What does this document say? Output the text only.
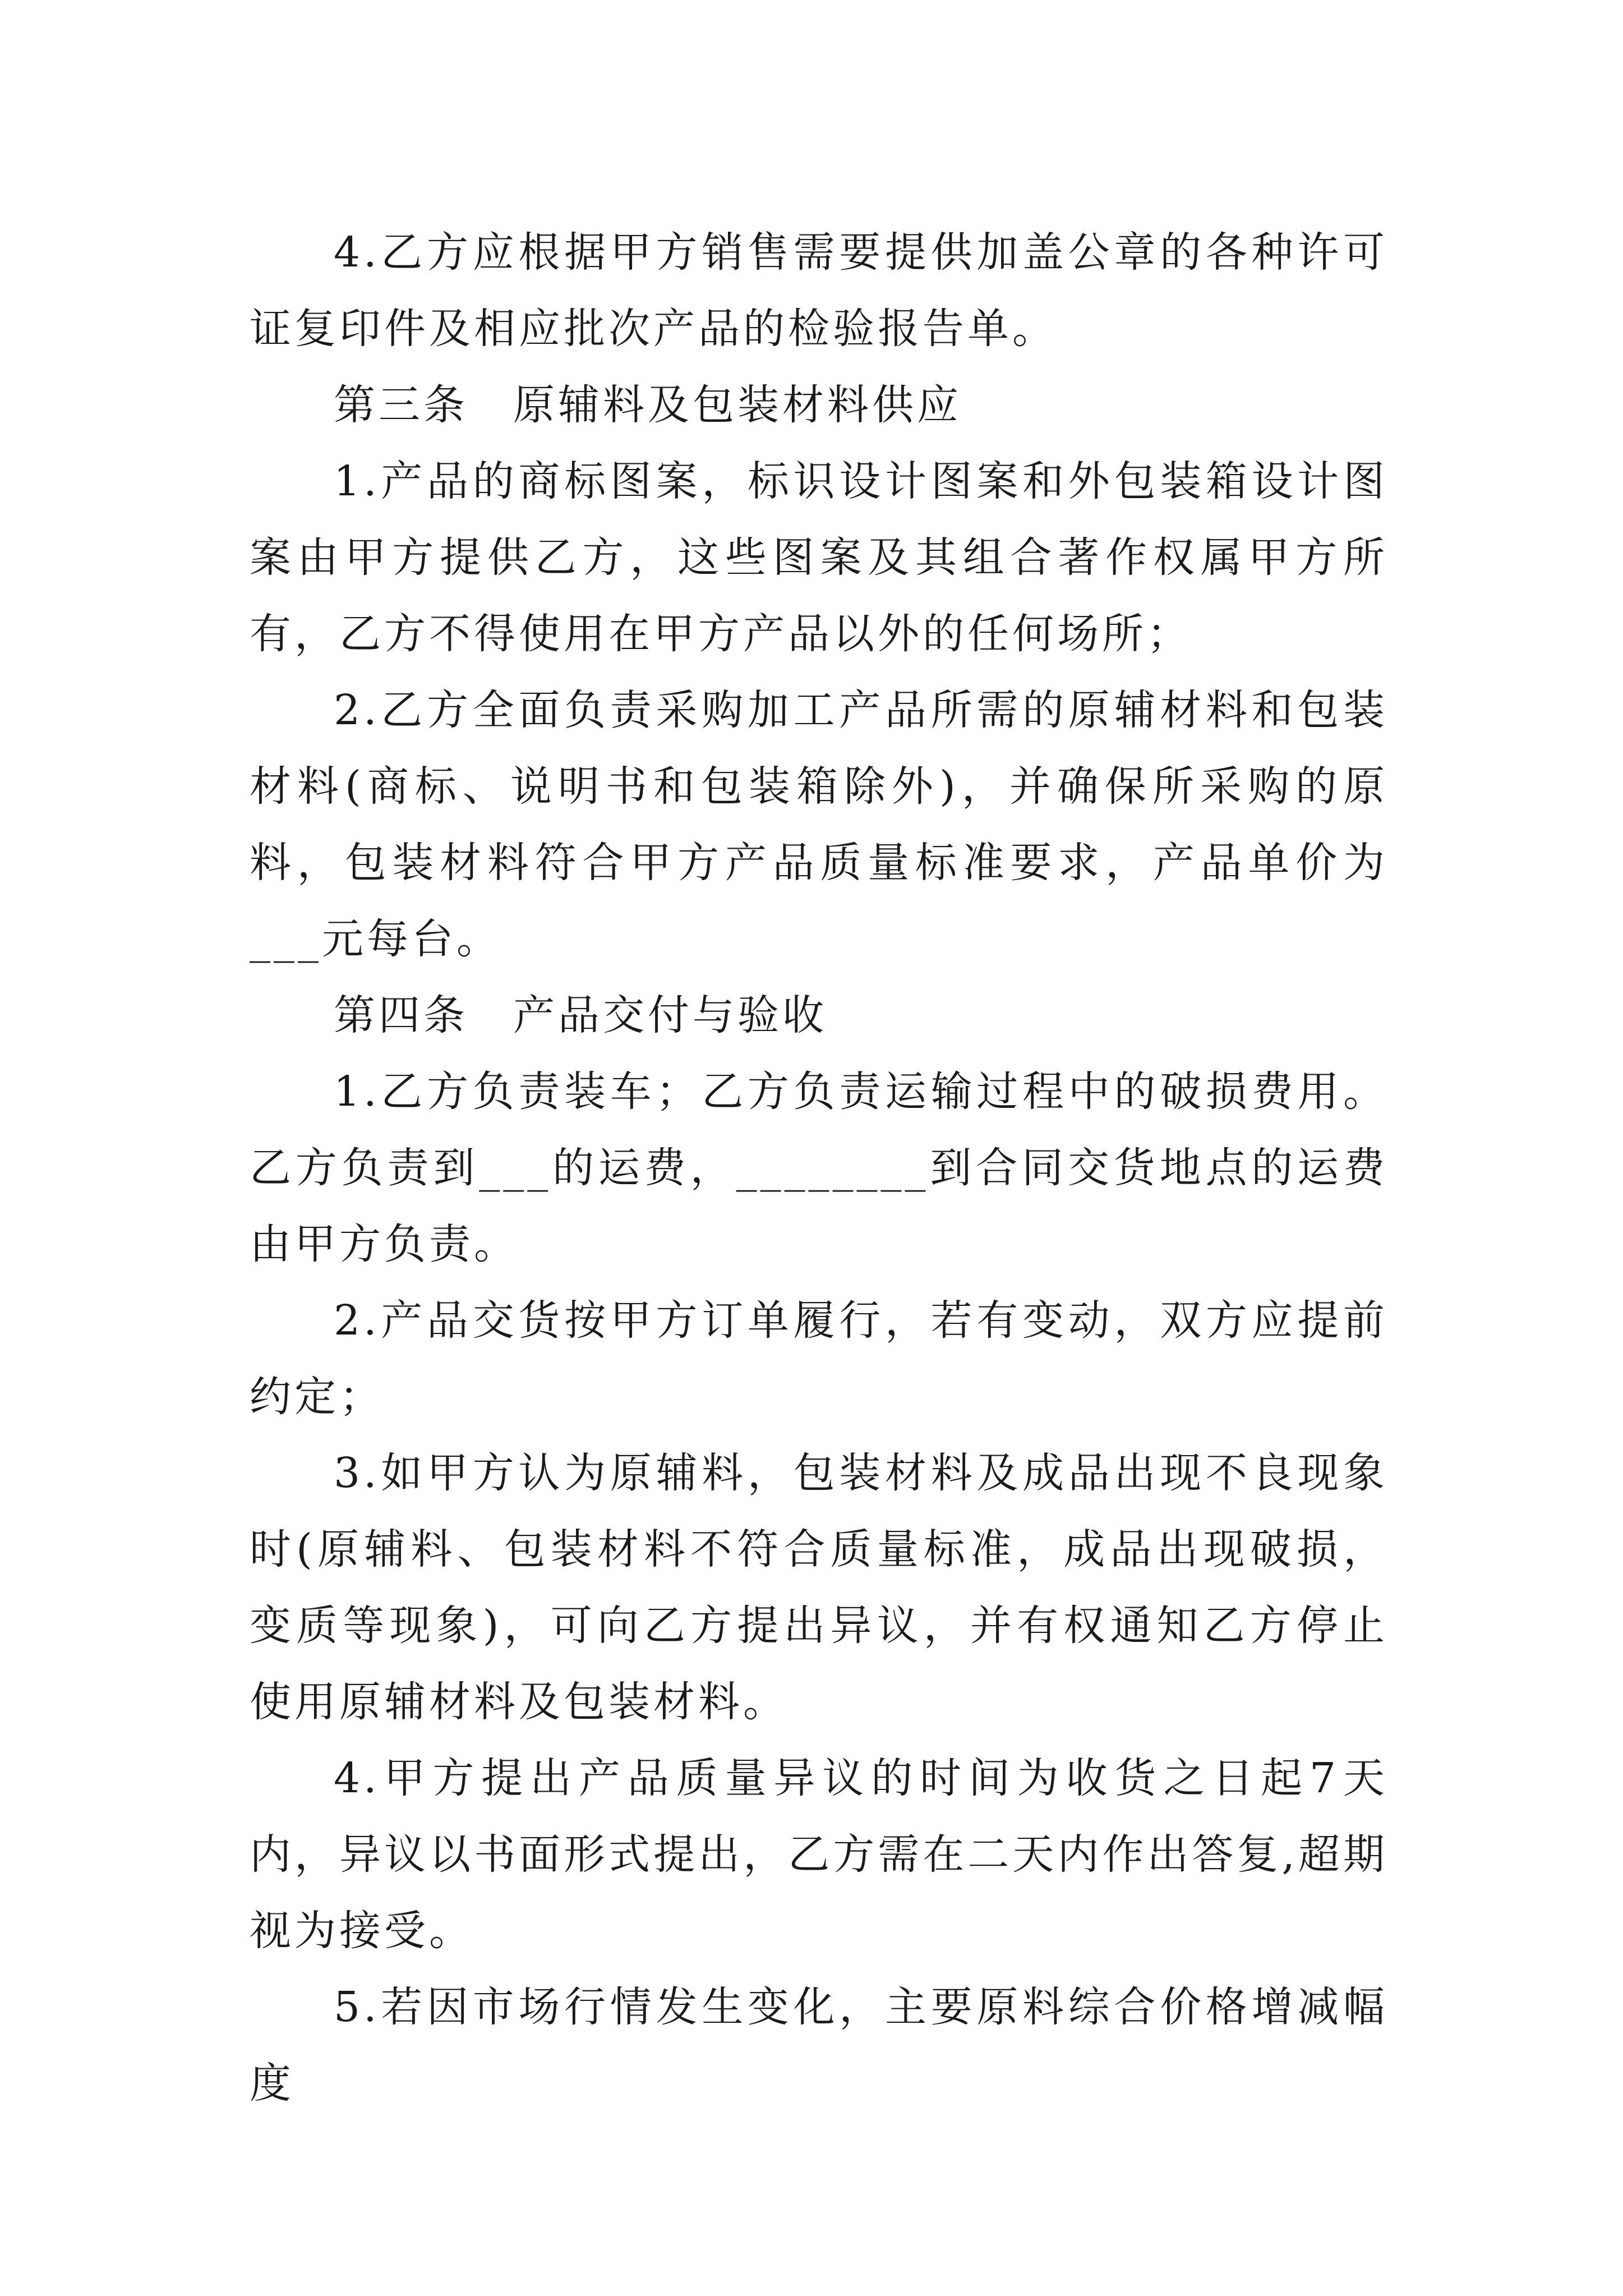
4.乙方应根据甲方销售需要提供加盖公章的各种许可证复印件及相应批次产品的检验报告单。

第三条　原辅料及包装材料供应

1.产品的商标图案，标识设计图案和外包装箱设计图案由甲方提供乙方，这些图案及其组合著作权属甲方所有，乙方不得使用在甲方产品以外的任何场所；

2.乙方全面负责采购加工产品所需的原辅材料和包装材料(商标、说明书和包装箱除外)，并确保所采购的原料，包装材料符合甲方产品质量标准要求，产品单价为___元每台。

第四条　产品交付与验收

1.乙方负责装车；乙方负责运输过程中的破损费用。乙方负责到___的运费，________到合同交货地点的运费由甲方负责。

2.产品交货按甲方订单履行，若有变动，双方应提前约定；

3.如甲方认为原辅料，包装材料及成品出现不良现象时(原辅料、包装材料不符合质量标准，成品出现破损，变质等现象)，可向乙方提出异议，并有权通知乙方停止使用原辅材料及包装材料。

4.甲方提出产品质量异议的时间为收货之日起7天内，异议以书面形式提出，乙方需在二天内作出答复,超期视为接受。

5.若因市场行情发生变化，主要原料综合价格增减幅度
